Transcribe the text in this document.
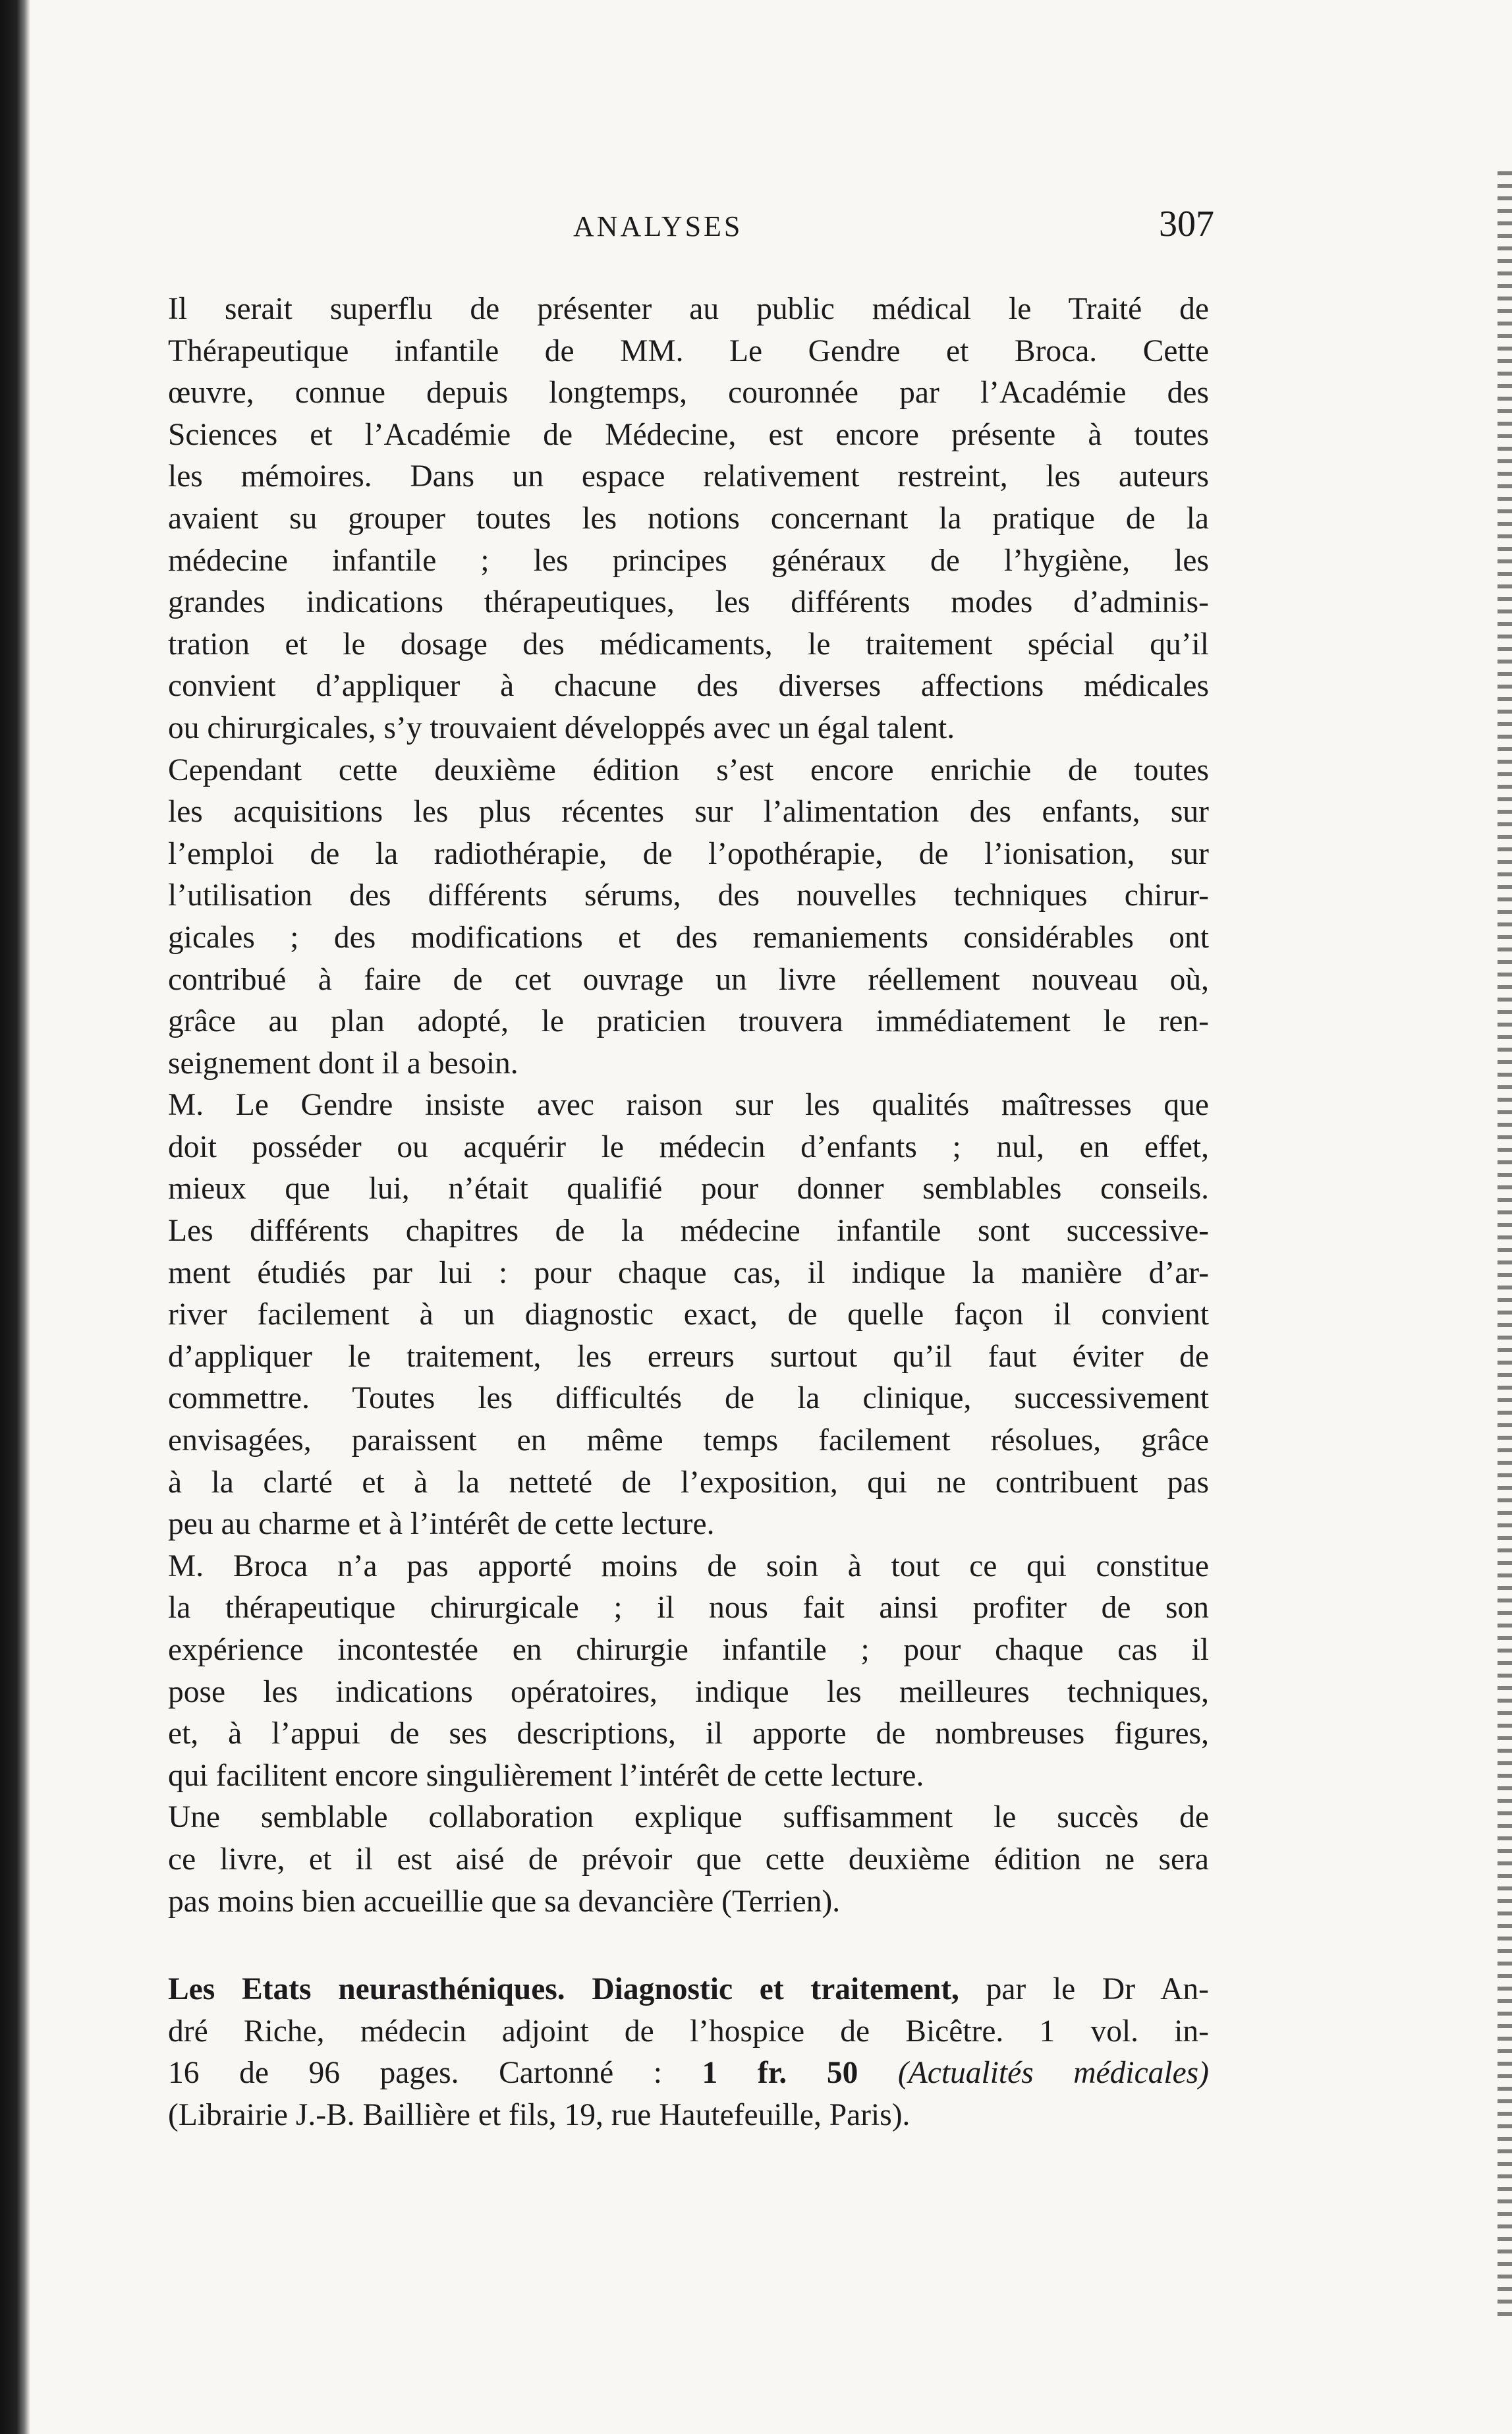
ANALYSES	307

Il serait superflu de présenter au public médical le Traité de
Thérapeutique infantile de MM. Le Gendre et Broca. Cette
œuvre, connue depuis longtemps, couronnée par l’Académie des
Sciences et l’Académie de Médecine, est encore présente à toutes
les mémoires. Dans un espace relativement restreint, les auteurs
avaient su grouper toutes les notions concernant la pratique de la
médecine infantile ; les principes généraux de l’hygiène, les
grandes indications thérapeutiques, les différents modes d’adminis-
tration et le dosage des médicaments, le traitement spécial qu’il
convient d’appliquer à chacune des diverses affections médicales
ou chirurgicales, s’y trouvaient développés avec un égal talent.

Cependant cette deuxième édition s’est encore enrichie de toutes
les acquisitions les plus récentes sur l’alimentation des enfants, sur
l’emploi de la radiothérapie, de l’opothérapie, de l’ionisation, sur
l’utilisation des différents sérums, des nouvelles techniques chirur-
gicales ; des modifications et des remaniements considérables ont
contribué à faire de cet ouvrage un livre réellement nouveau où,
grâce au plan adopté, le praticien trouvera immédiatement le ren-
seignement dont il a besoin.

M. Le Gendre insiste avec raison sur les qualités maîtresses que
doit posséder ou acquérir le médecin d’enfants ; nul, en effet,
mieux que lui, n’était qualifié pour donner semblables conseils.
Les différents chapitres de la médecine infantile sont successive-
ment étudiés par lui : pour chaque cas, il indique la manière d’ar-
river facilement à un diagnostic exact, de quelle façon il convient
d’appliquer le traitement, les erreurs surtout qu’il faut éviter de
commettre. Toutes les difficultés de la clinique, successivement
envisagées, paraissent en même temps facilement résolues, grâce
à la clarté et à la netteté de l’exposition, qui ne contribuent pas
peu au charme et à l’intérêt de cette lecture.

M. Broca n’a pas apporté moins de soin à tout ce qui constitue
la thérapeutique chirurgicale ; il nous fait ainsi profiter de son
expérience incontestée en chirurgie infantile ; pour chaque cas il
pose les indications opératoires, indique les meilleures techniques,
et, à l’appui de ses descriptions, il apporte de nombreuses figures,
qui facilitent encore singulièrement l’intérêt de cette lecture.

Une semblable collaboration explique suffisamment le succès de
ce livre, et il est aisé de prévoir que cette deuxième édition ne sera
pas moins bien accueillie que sa devancière (Terrien).

Les Etats neurasthéniques. Diagnostic et traitement, par le Dr An-
dré Riche, médecin adjoint de l’hospice de Bicêtre. 1 vol. in-
16 de 96 pages. Cartonné : 1 fr. 50 (Actualités médicales)
(Librairie J.-B. Baillière et fils, 19, rue Hautefeuille, Paris).
